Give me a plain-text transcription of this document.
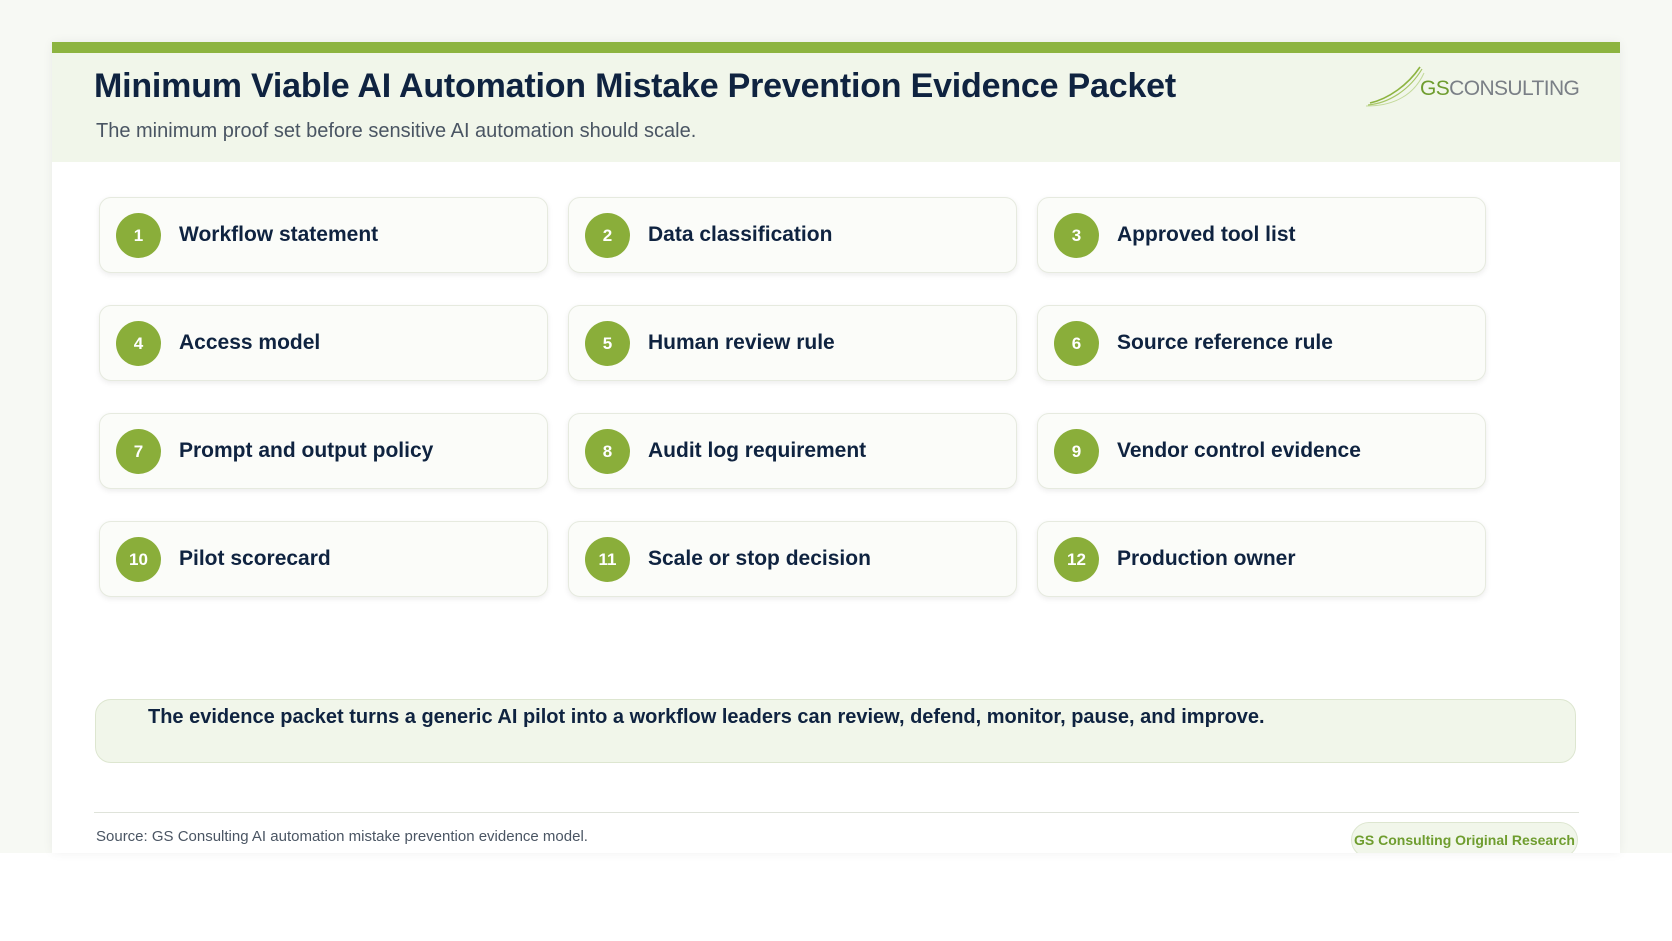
Minimum Viable AI Automation Mistake Prevention Evidence Packet

The minimum proof set before sensitive AI automation should scale.

GSCONSULTING
1	Workflow statement	2	Data classification	3	Approved tool list
4	Access model	5	Human review rule	6	Source reference rule
7	Prompt and output policy	8	Audit log requirement	9	Vendor control evidence
10	Pilot scorecard	11	Scale or stop decision	12	Production owner

The evidence packet turns a generic AI pilot into a workflow leaders can review, defend, monitor, pause, and improve.

Source: GS Consulting AI automation mistake prevention evidence model.	GS Consulting Original Research
